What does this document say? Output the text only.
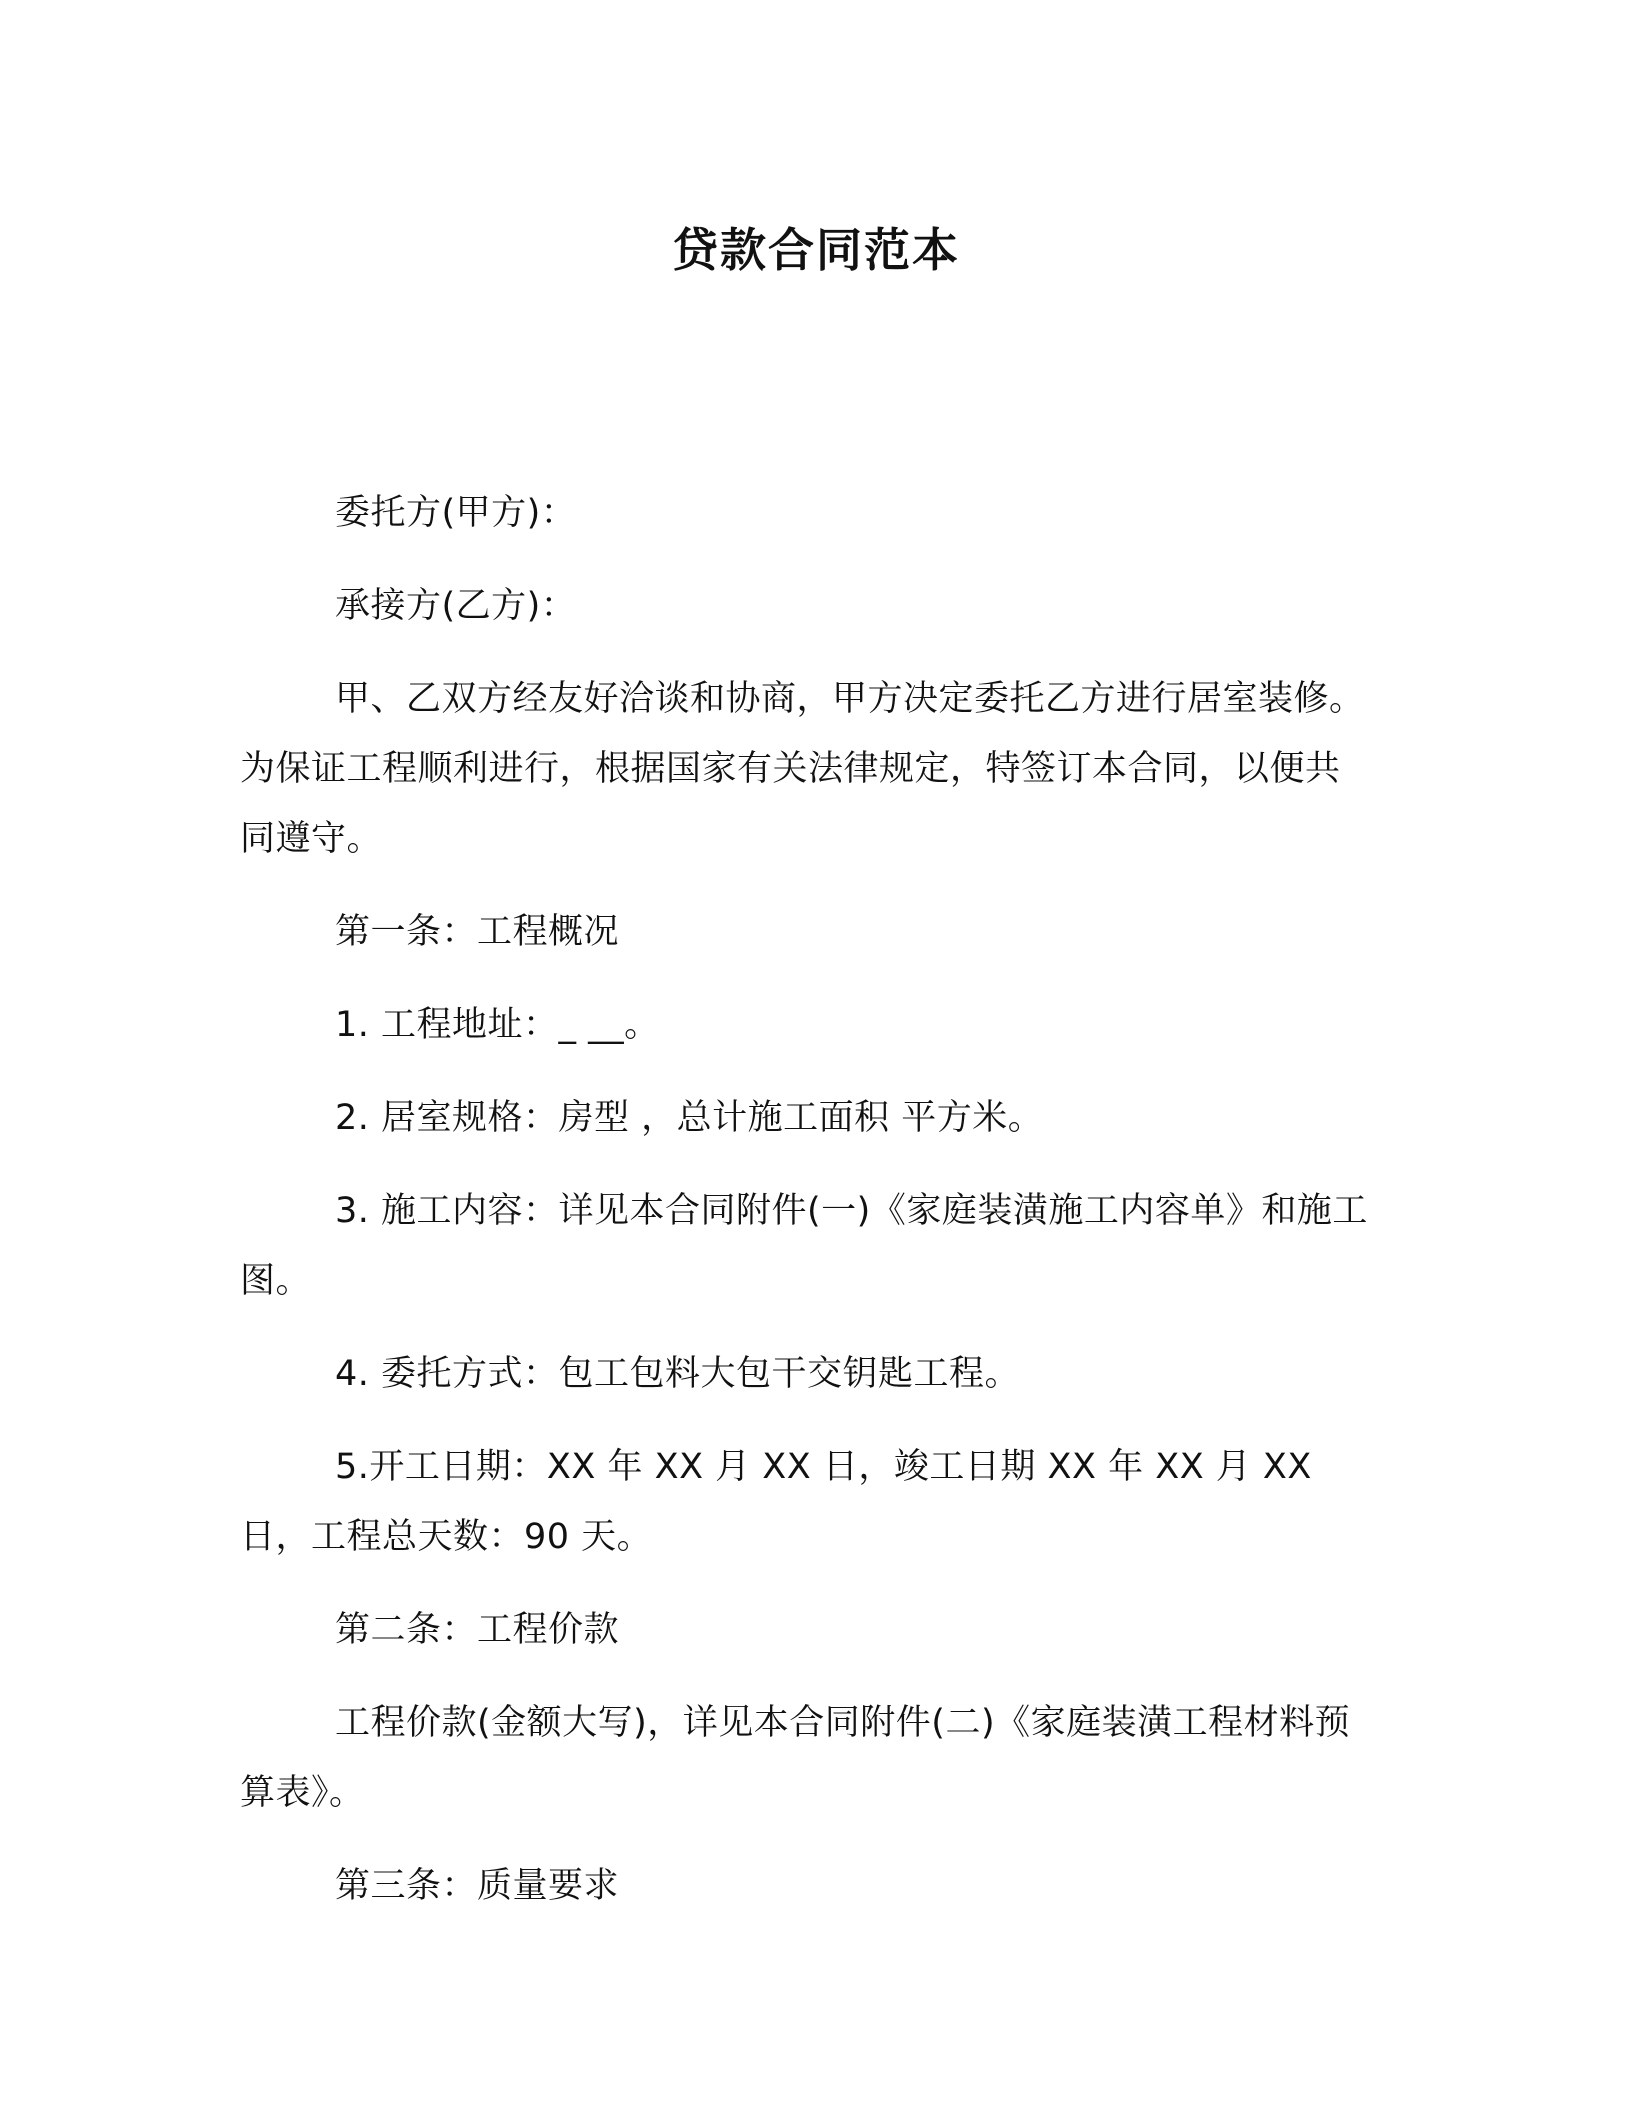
贷款合同范本

委托方(甲方)：

承接方(乙方)：

甲、乙双方经友好洽谈和协商，甲方决定委托乙方进行居室装修。为保证工程顺利进行，根据国家有关法律规定，特签订本合同，以便共同遵守。

第一条：工程概况

1. 工程地址：_ __。

2. 居室规格：房型 ，总计施工面积 平方米。

3. 施工内容：详见本合同附件(一)《家庭装潢施工内容单》和施工图。

4. 委托方式：包工包料大包干交钥匙工程。

5.开工日期：XX 年 XX 月 XX 日，竣工日期 XX 年 XX 月 XX 日，工程总天数：90 天。

第二条：工程价款

工程价款(金额大写)，详见本合同附件(二)《家庭装潢工程材料预算表》。

第三条：质量要求
